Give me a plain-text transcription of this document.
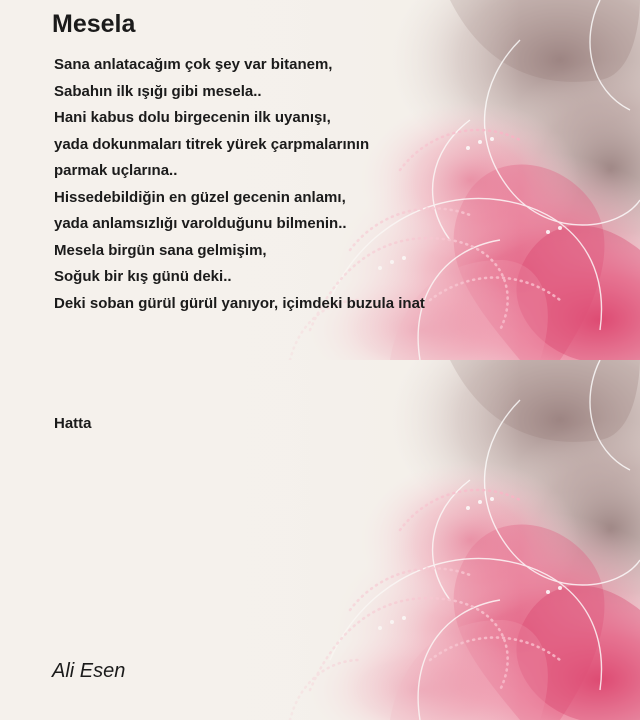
Mesela
Sana anlatacağım çok şey var bitanem,
Sabahın ilk ışığı gibi mesela..
Hani kabus dolu birgecenin ilk uyanışı,
yada dokunmaları titrek yürek çarpmalarının
parmak uçlarına..
Hissedebildiğin en güzel gecenin anlamı,
yada anlamsızlığı varolduğunu bilmenin..
Mesela birgün sana gelmişim,
Soğuk bir kış günü deki..
Deki soban gürül gürül yanıyor, içimdeki buzula inat
Hatta
Ali Esen
